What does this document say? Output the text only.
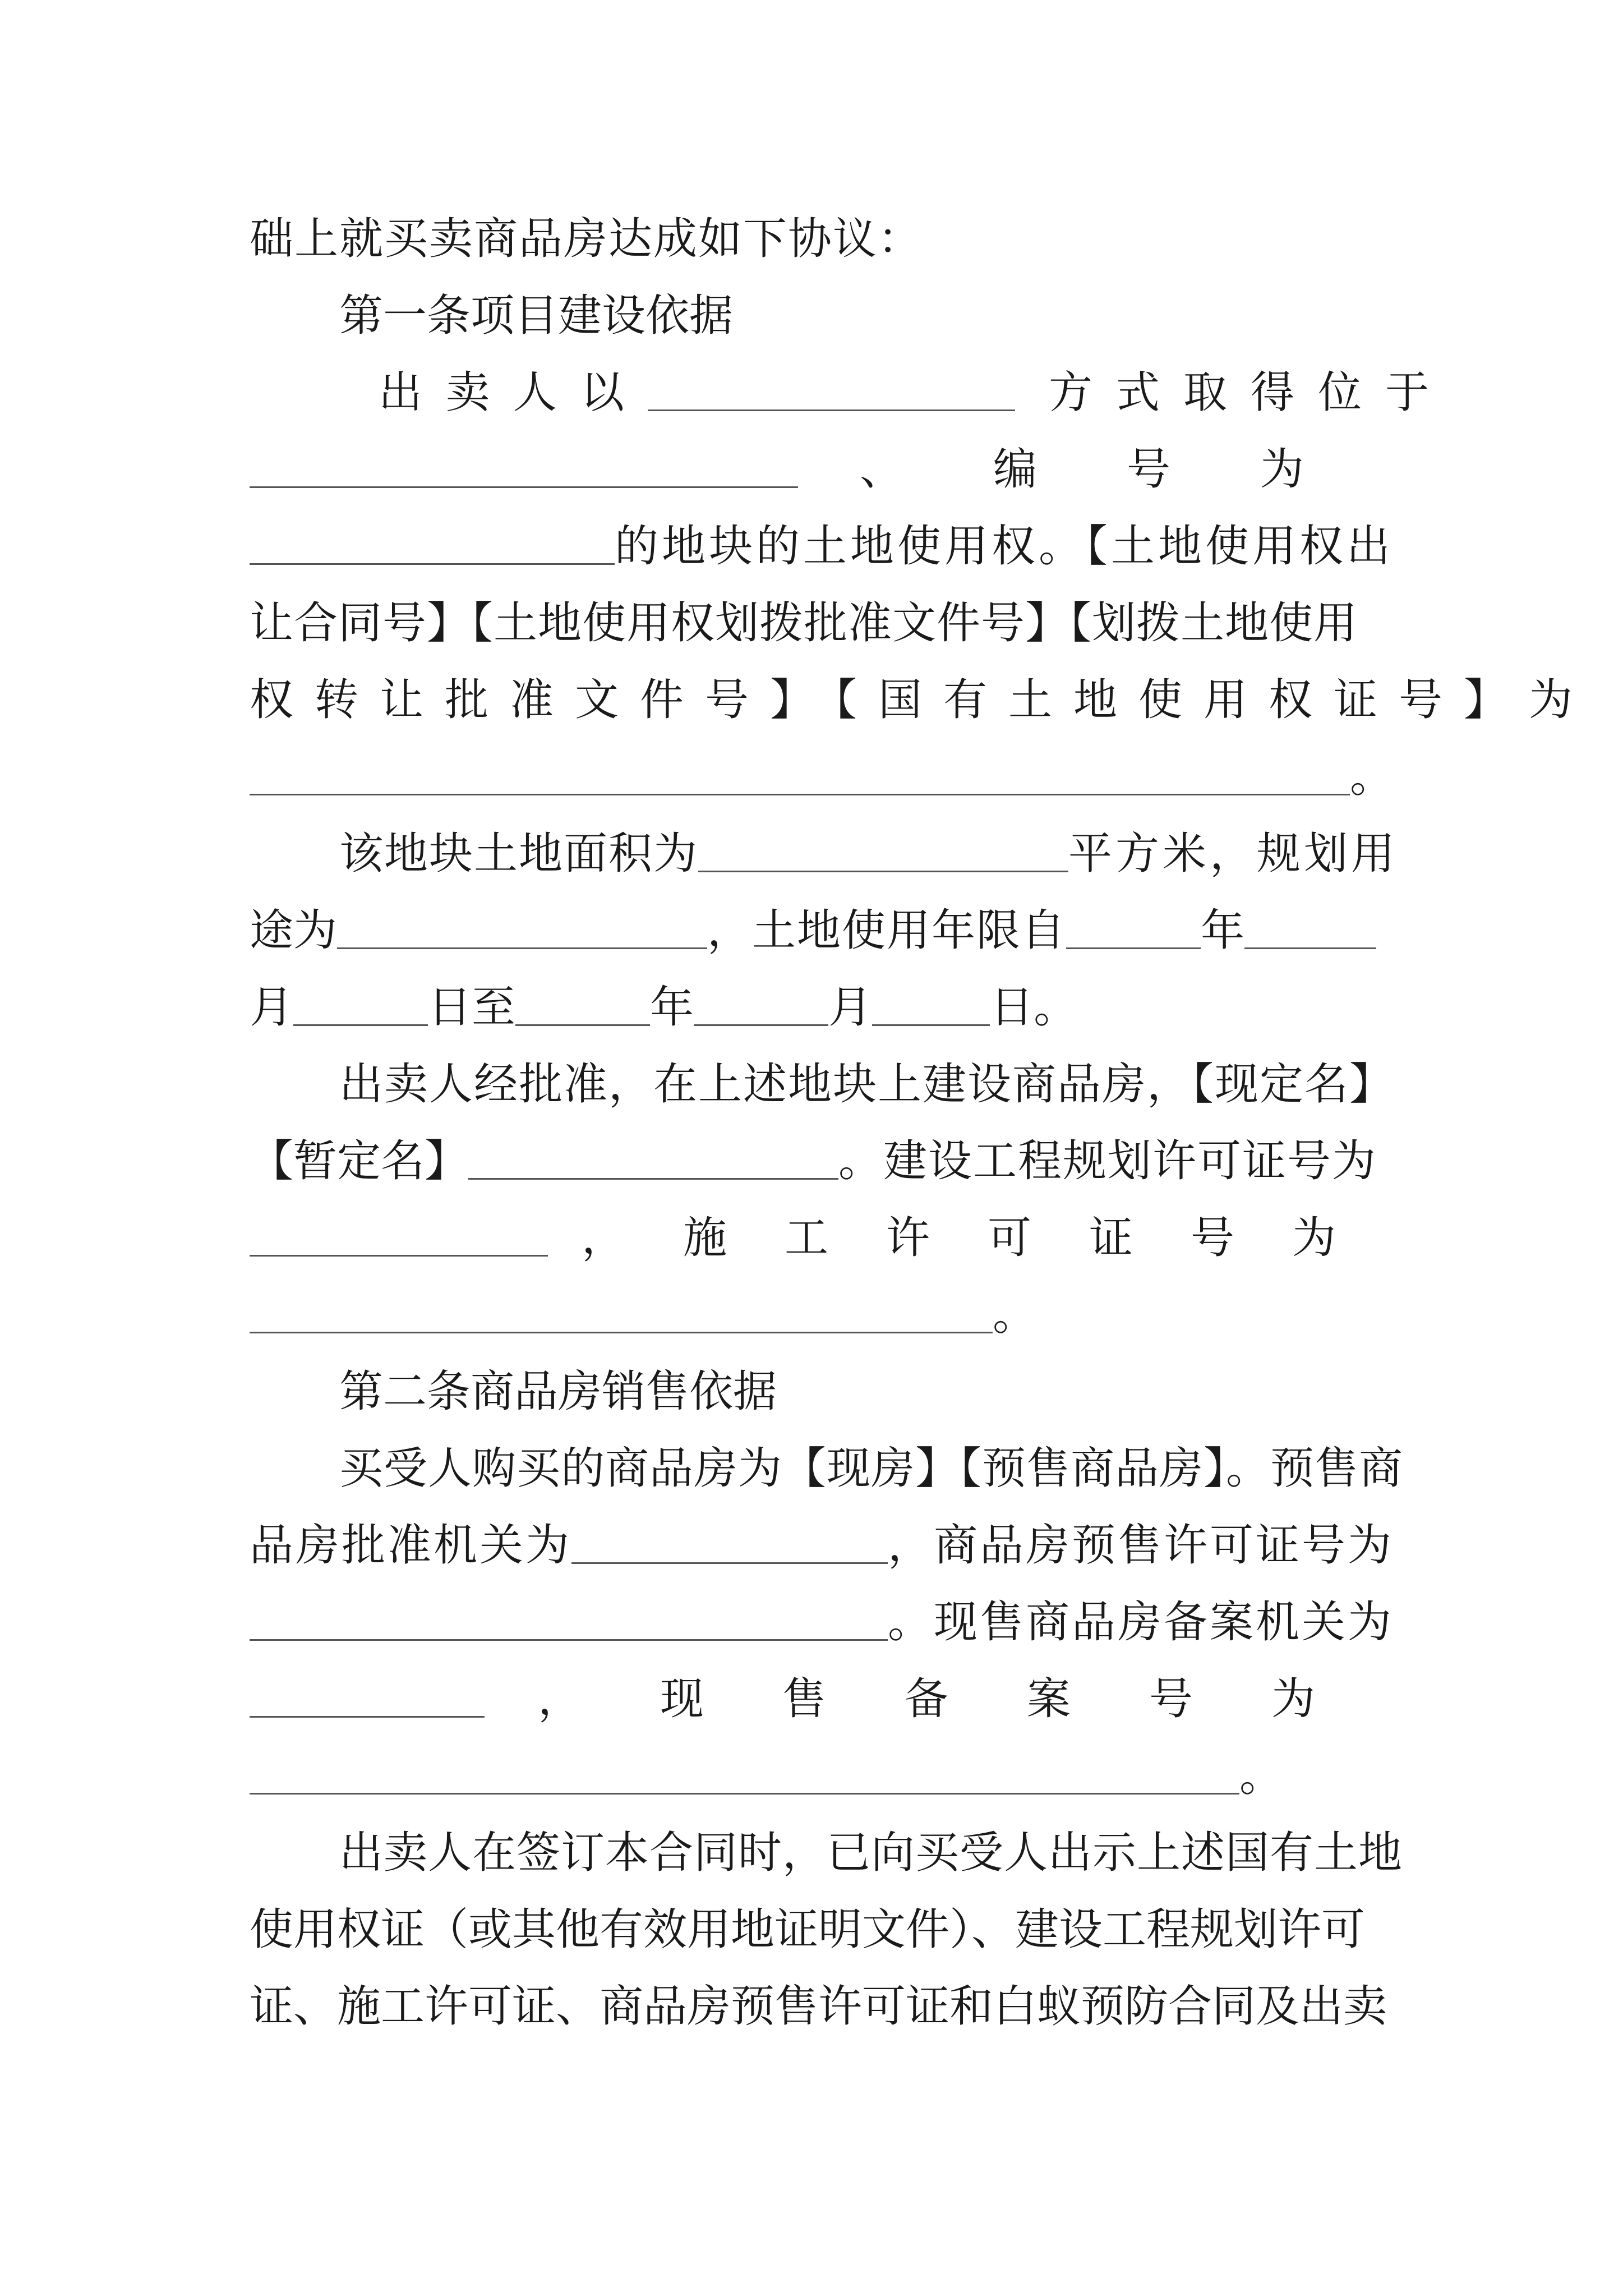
础上就买卖商品房达成如下协议：
第一条项目建设依据
出卖人以	方式取得位于
、编号为
的地块的土地使用权。【土地使用权出
让合同号】【土地使用权划拨批准文件号】【划拨土地使用
权转让批准文件号】【国有土地使用权证号】为
。
该地块土地面积为	平方米，规划用
途为	，土地使用年限自	年
月	日至	年	月	日。
出卖人经批准，在上述地块上建设商品房，【现定名】
【暂定名】	。建设工程规划许可证号为
，施工许可证号为
。
第二条商品房销售依据
买受人购买的商品房为【现房】【预售商品房】。预售商
品房批准机关为	，商品房预售许可证号为
。现售商品房备案机关为
，现售备案号为
。
出卖人在签订本合同时，已向买受人出示上述国有土地
使用权证（或其他有效用地证明文件）、建设工程规划许可
证、施工许可证、商品房预售许可证和白蚁预防合同及出卖
